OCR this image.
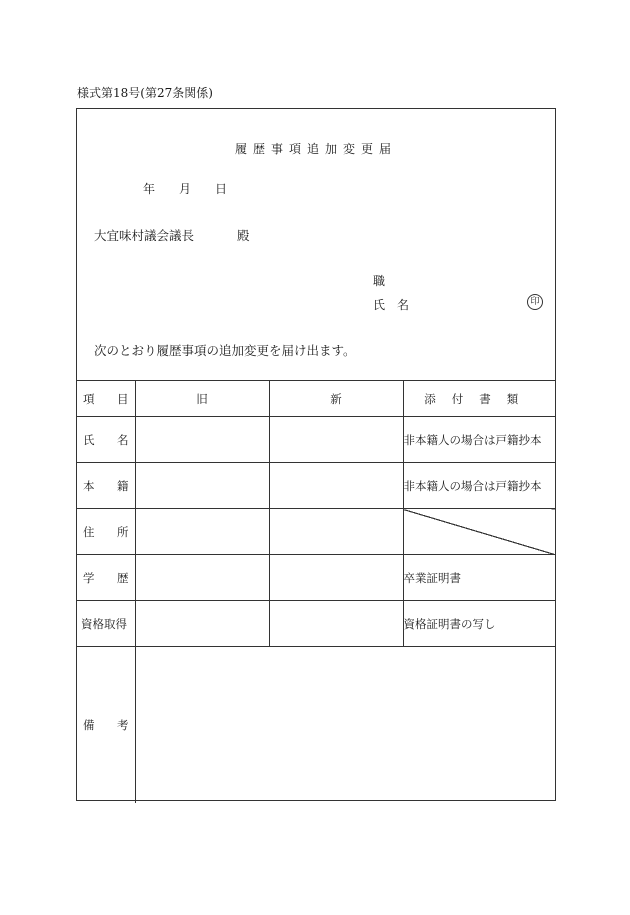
様式第18号(第27条関係)
履歴事項追加変更届
年 月 日
大宜味村議会議長	殿
職
氏名	印
次のとおり履歴事項の追加変更を届け出ます。
項 目	旧	新	添付書類

氏 名			非本籍人の場合は戸籍抄本

本 籍			非本籍人の場合は戸籍抄本

住 所			

学 歴			卒業証明書

資格取得			資格証明書の写し

備 考			
